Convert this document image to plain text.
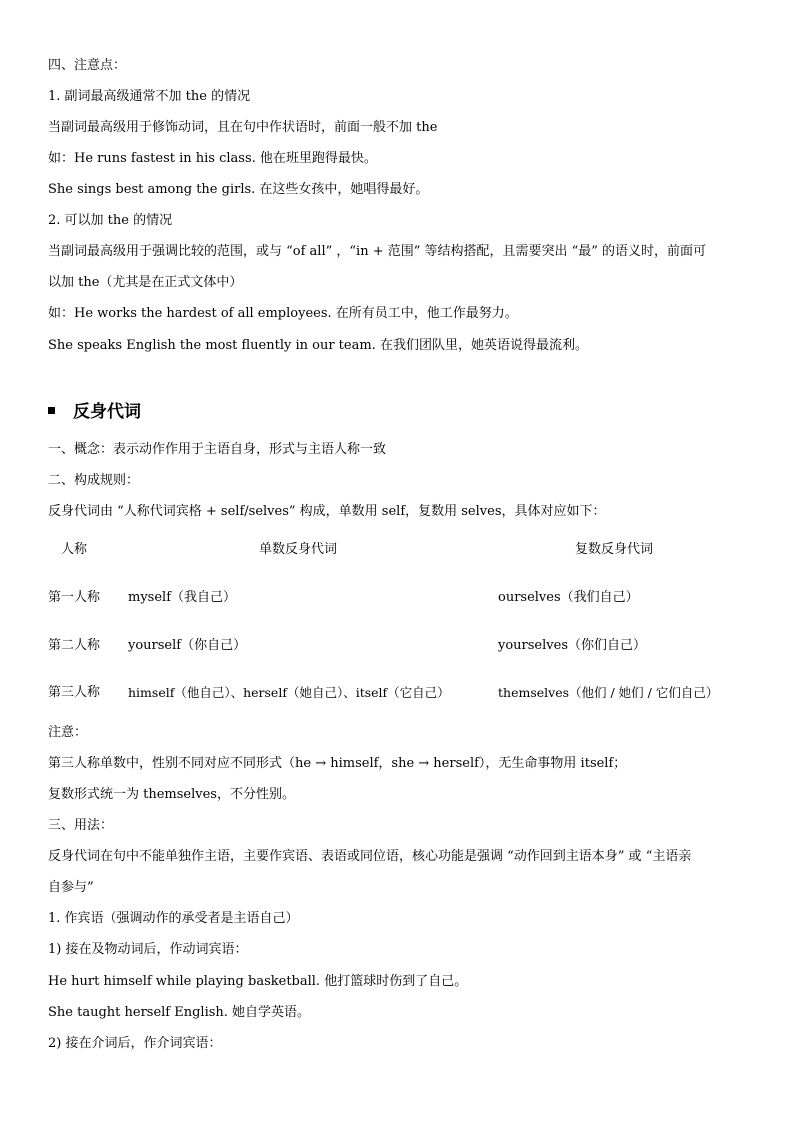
四、注意点：
1. 副词最高级通常不加 the 的情况
当副词最高级用于修饰动词，且在句中作状语时，前面一般不加 the
如：He runs fastest in his class. 他在班里跑得最快。
She sings best among the girls. 在这些女孩中，她唱得最好。
2. 可以加 the 的情况
当副词最高级用于强调比较的范围，或与 “of all” ，“in + 范围” 等结构搭配，且需要突出 “最” 的语义时，前面可
以加 the（尤其是在正式文体中）
如：He works the hardest of all employees. 在所有员工中，他工作最努力。
She speaks English the most fluently in our team. 在我们团队里，她英语说得最流利。
反身代词
一、概念：表示动作作用于主语自身，形式与主语人称一致
二、构成规则：
反身代词由 “人称代词宾格 + self/selves” 构成，单数用 self，复数用 selves，具体对应如下：
人称	单数反身代词	复数反身代词
第一人称 myself（我自己）	ourselves（我们自己）
第二人称 yourself（你自己）	yourselves（你们自己）
第三人称 himself（他自己）、herself（她自己）、itself（它自己）	themselves（他们 / 她们 / 它们自己）
注意：
第三人称单数中，性别不同对应不同形式（he → himself，she → herself），无生命事物用 itself；
复数形式统一为 themselves，不分性别。
三、用法：
反身代词在句中不能单独作主语，主要作宾语、表语或同位语，核心功能是强调 “动作回到主语本身” 或 “主语亲
自参与”
1. 作宾语（强调动作的承受者是主语自己）
1) 接在及物动词后，作动词宾语：
He hurt himself while playing basketball. 他打篮球时伤到了自己。
She taught herself English. 她自学英语。
2) 接在介词后，作介词宾语：
